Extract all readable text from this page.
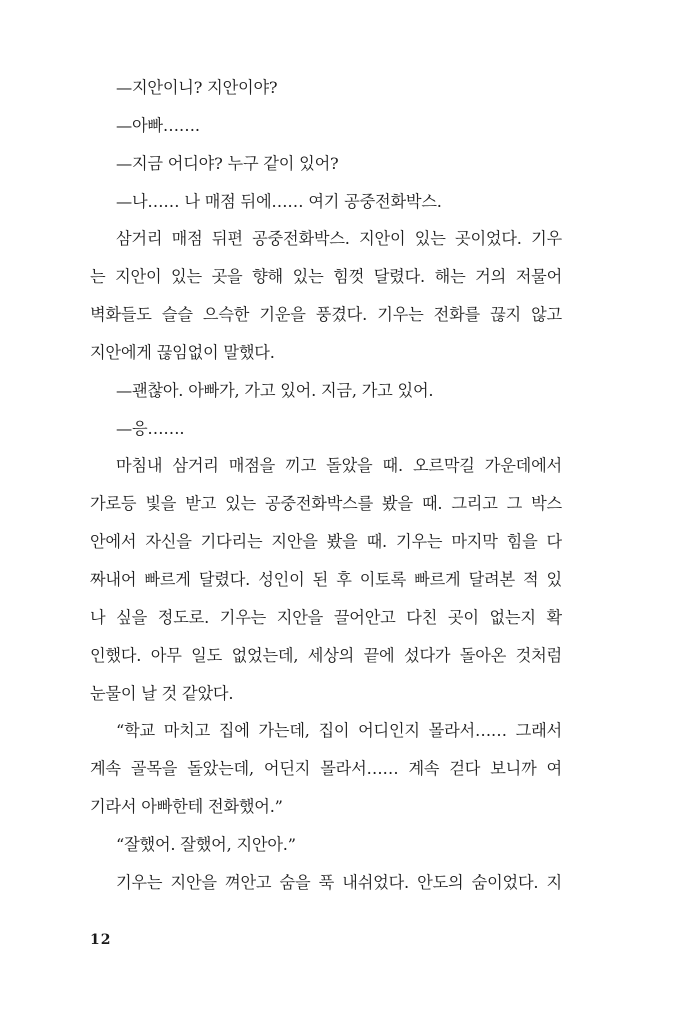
—지안이니? 지안이야?
—아빠…….
—지금 어디야? 누구 같이 있어?
—나…… 나 매점 뒤에…… 여기 공중전화박스.
삼거리 매점 뒤편 공중전화박스. 지안이 있는 곳이었다. 기우
는 지안이 있는 곳을 향해 있는 힘껏 달렸다. 해는 거의 저물어
벽화들도 슬슬 으슥한 기운을 풍겼다. 기우는 전화를 끊지 않고
지안에게 끊임없이 말했다.
—괜찮아. 아빠가, 가고 있어. 지금, 가고 있어.
—응…….
마침내 삼거리 매점을 끼고 돌았을 때. 오르막길 가운데에서
가로등 빛을 받고 있는 공중전화박스를 봤을 때. 그리고 그 박스
안에서 자신을 기다리는 지안을 봤을 때. 기우는 마지막 힘을 다
짜내어 빠르게 달렸다. 성인이 된 후 이토록 빠르게 달려본 적 있
나 싶을 정도로. 기우는 지안을 끌어안고 다친 곳이 없는지 확
인했다. 아무 일도 없었는데, 세상의 끝에 섰다가 돌아온 것처럼
눈물이 날 것 같았다.
“학교 마치고 집에 가는데, 집이 어디인지 몰라서…… 그래서
계속 골목을 돌았는데, 어딘지 몰라서…… 계속 걷다 보니까 여
기라서 아빠한테 전화했어.”
“잘했어. 잘했어, 지안아.”
기우는 지안을 껴안고 숨을 푹 내쉬었다. 안도의 숨이었다. 지
12
